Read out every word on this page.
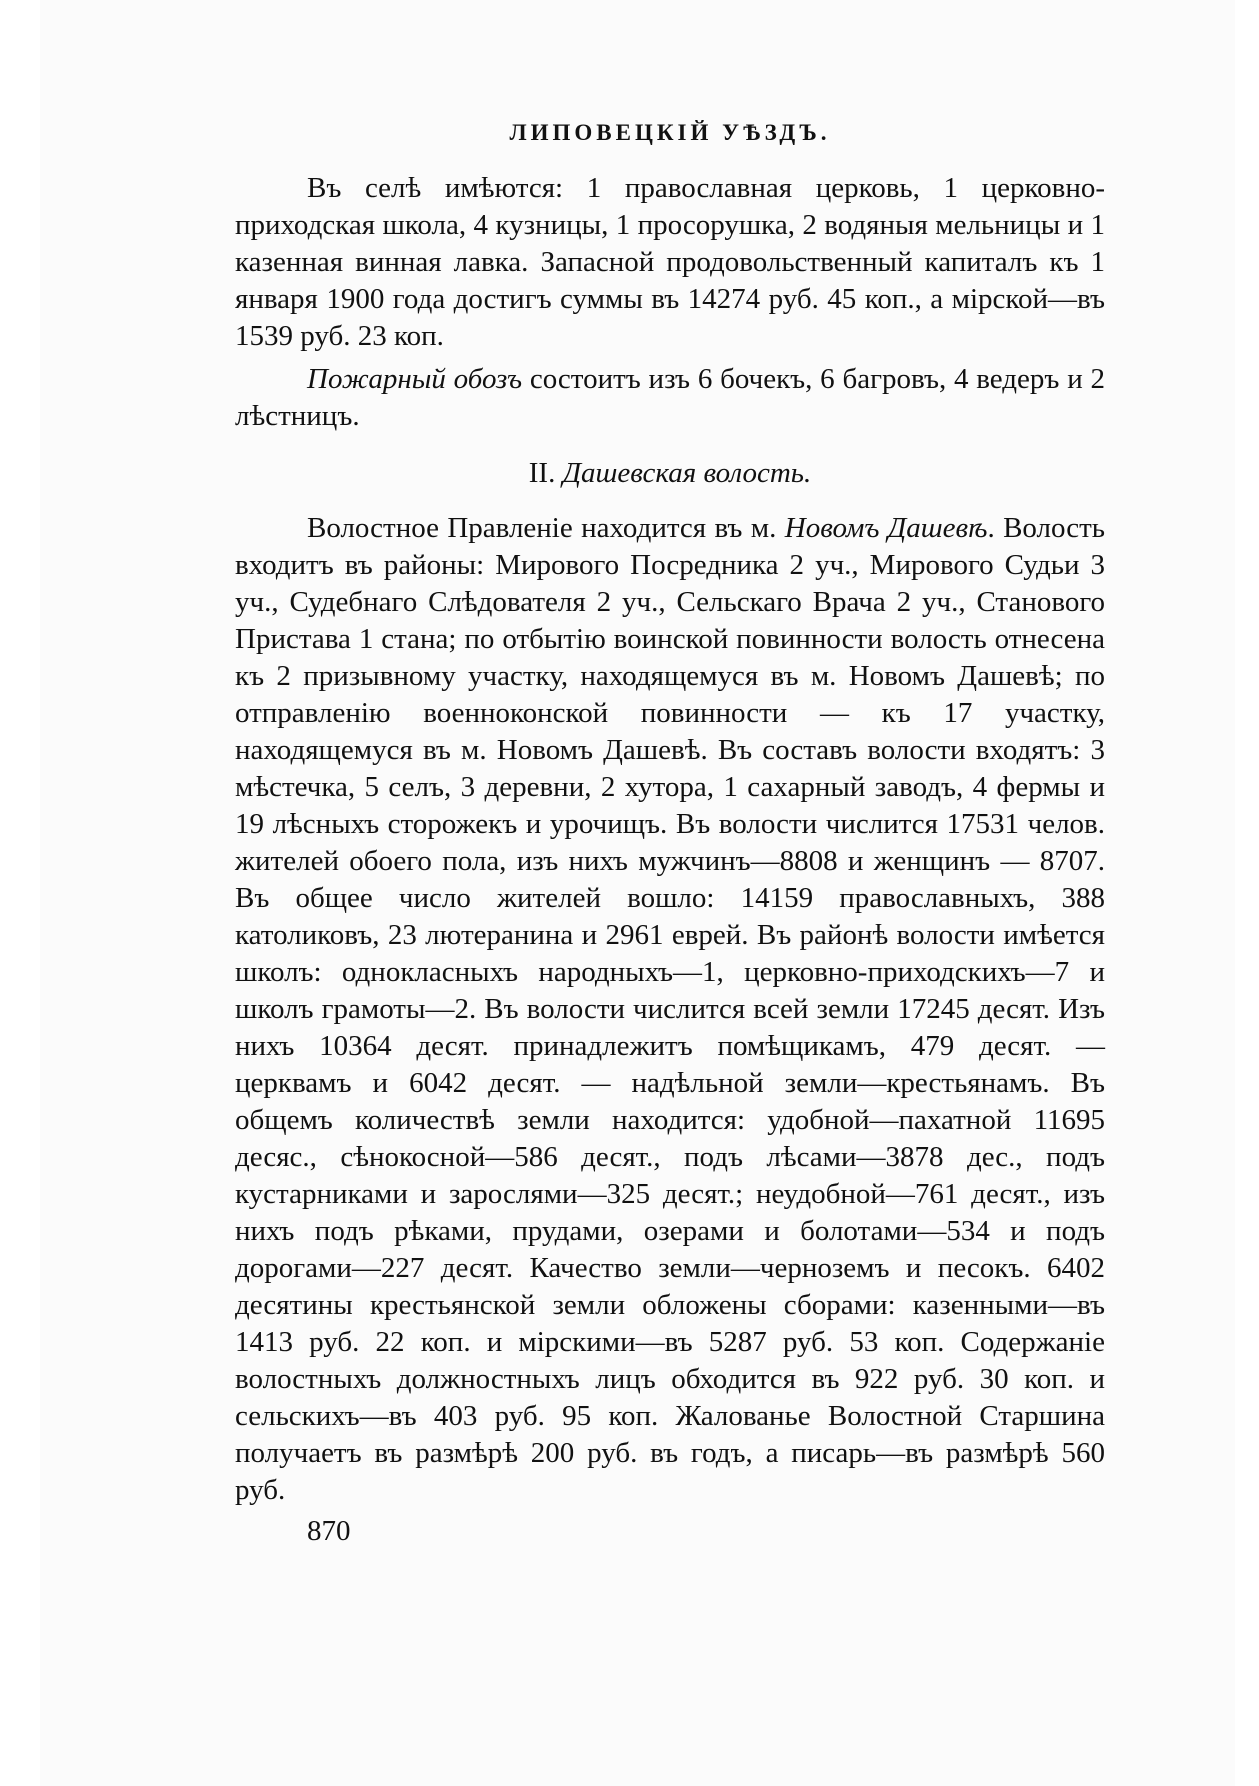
ЛИПОВЕЦКІЙ УѢЗДЪ.

Въ селѣ имѣются: 1 православная церковь, 1 церковно-приходская школа, 4 кузницы, 1 просорушка, 2 водяныя мельницы и 1 казенная винная лавка. Запасной продовольственный капиталъ къ 1 января 1900 года достигъ суммы въ 14274 руб. 45 коп., а мірской—въ 1539 руб. 23 коп.

Пожарный обозъ состоитъ изъ 6 бочекъ, 6 багровъ, 4 ведеръ и 2 лѣстницъ.

II. Дашевская волость.

Волостное Правленіе находится въ м. Новомъ Дашевѣ. Волость входитъ въ районы: Мирового Посредника 2 уч., Мирового Судьи 3 уч., Судебнаго Слѣдователя 2 уч., Сельскаго Врача 2 уч., Станового Пристава 1 стана; по отбытію воинской повинности волость отнесена къ 2 призывному участку, находящемуся въ м. Новомъ Дашевѣ; по отправленію военноконской повинности — къ 17 участку, находящемуся въ м. Новомъ Дашевѣ. Въ составъ волости входятъ: 3 мѣстечка, 5 селъ, 3 деревни, 2 хутора, 1 сахарный заводъ, 4 фермы и 19 лѣсныхъ сторожекъ и урочищъ. Въ волости числится 17531 челов. жителей обоего пола, изъ нихъ мужчинъ—8808 и женщинъ — 8707. Въ общее число жителей вошло: 14159 православныхъ, 388 католиковъ, 23 лютеранина и 2961 еврей. Въ районѣ волости имѣется школъ: однокласныхъ народныхъ—1, церковно-приходскихъ—7 и школъ грамоты—2. Въ волости числится всей земли 17245 десят. Изъ нихъ 10364 десят. принадлежитъ помѣщикамъ, 479 десят. — церквамъ и 6042 десят. — надѣльной земли—крестьянамъ. Въ общемъ количествѣ земли находится: удобной—пахатной 11695 десяс., сѣнокосной—586 десят., подъ лѣсами—3878 дес., подъ кустарниками и зарослями—325 десят.; неудобной—761 десят., изъ нихъ подъ рѣками, прудами, озерами и болотами—534 и подъ дорогами—227 десят. Качество земли—черноземъ и песокъ. 6402 десятины крестьянской земли обложены сборами: казенными—въ 1413 руб. 22 коп. и мірскими—въ 5287 руб. 53 коп. Содержаніе волостныхъ должностныхъ лицъ обходится въ 922 руб. 30 коп. и сельскихъ—въ 403 руб. 95 коп. Жалованье Волостной Старшина получаетъ въ размѣрѣ 200 руб. въ годъ, а писарь—въ размѣрѣ 560 руб.

870
